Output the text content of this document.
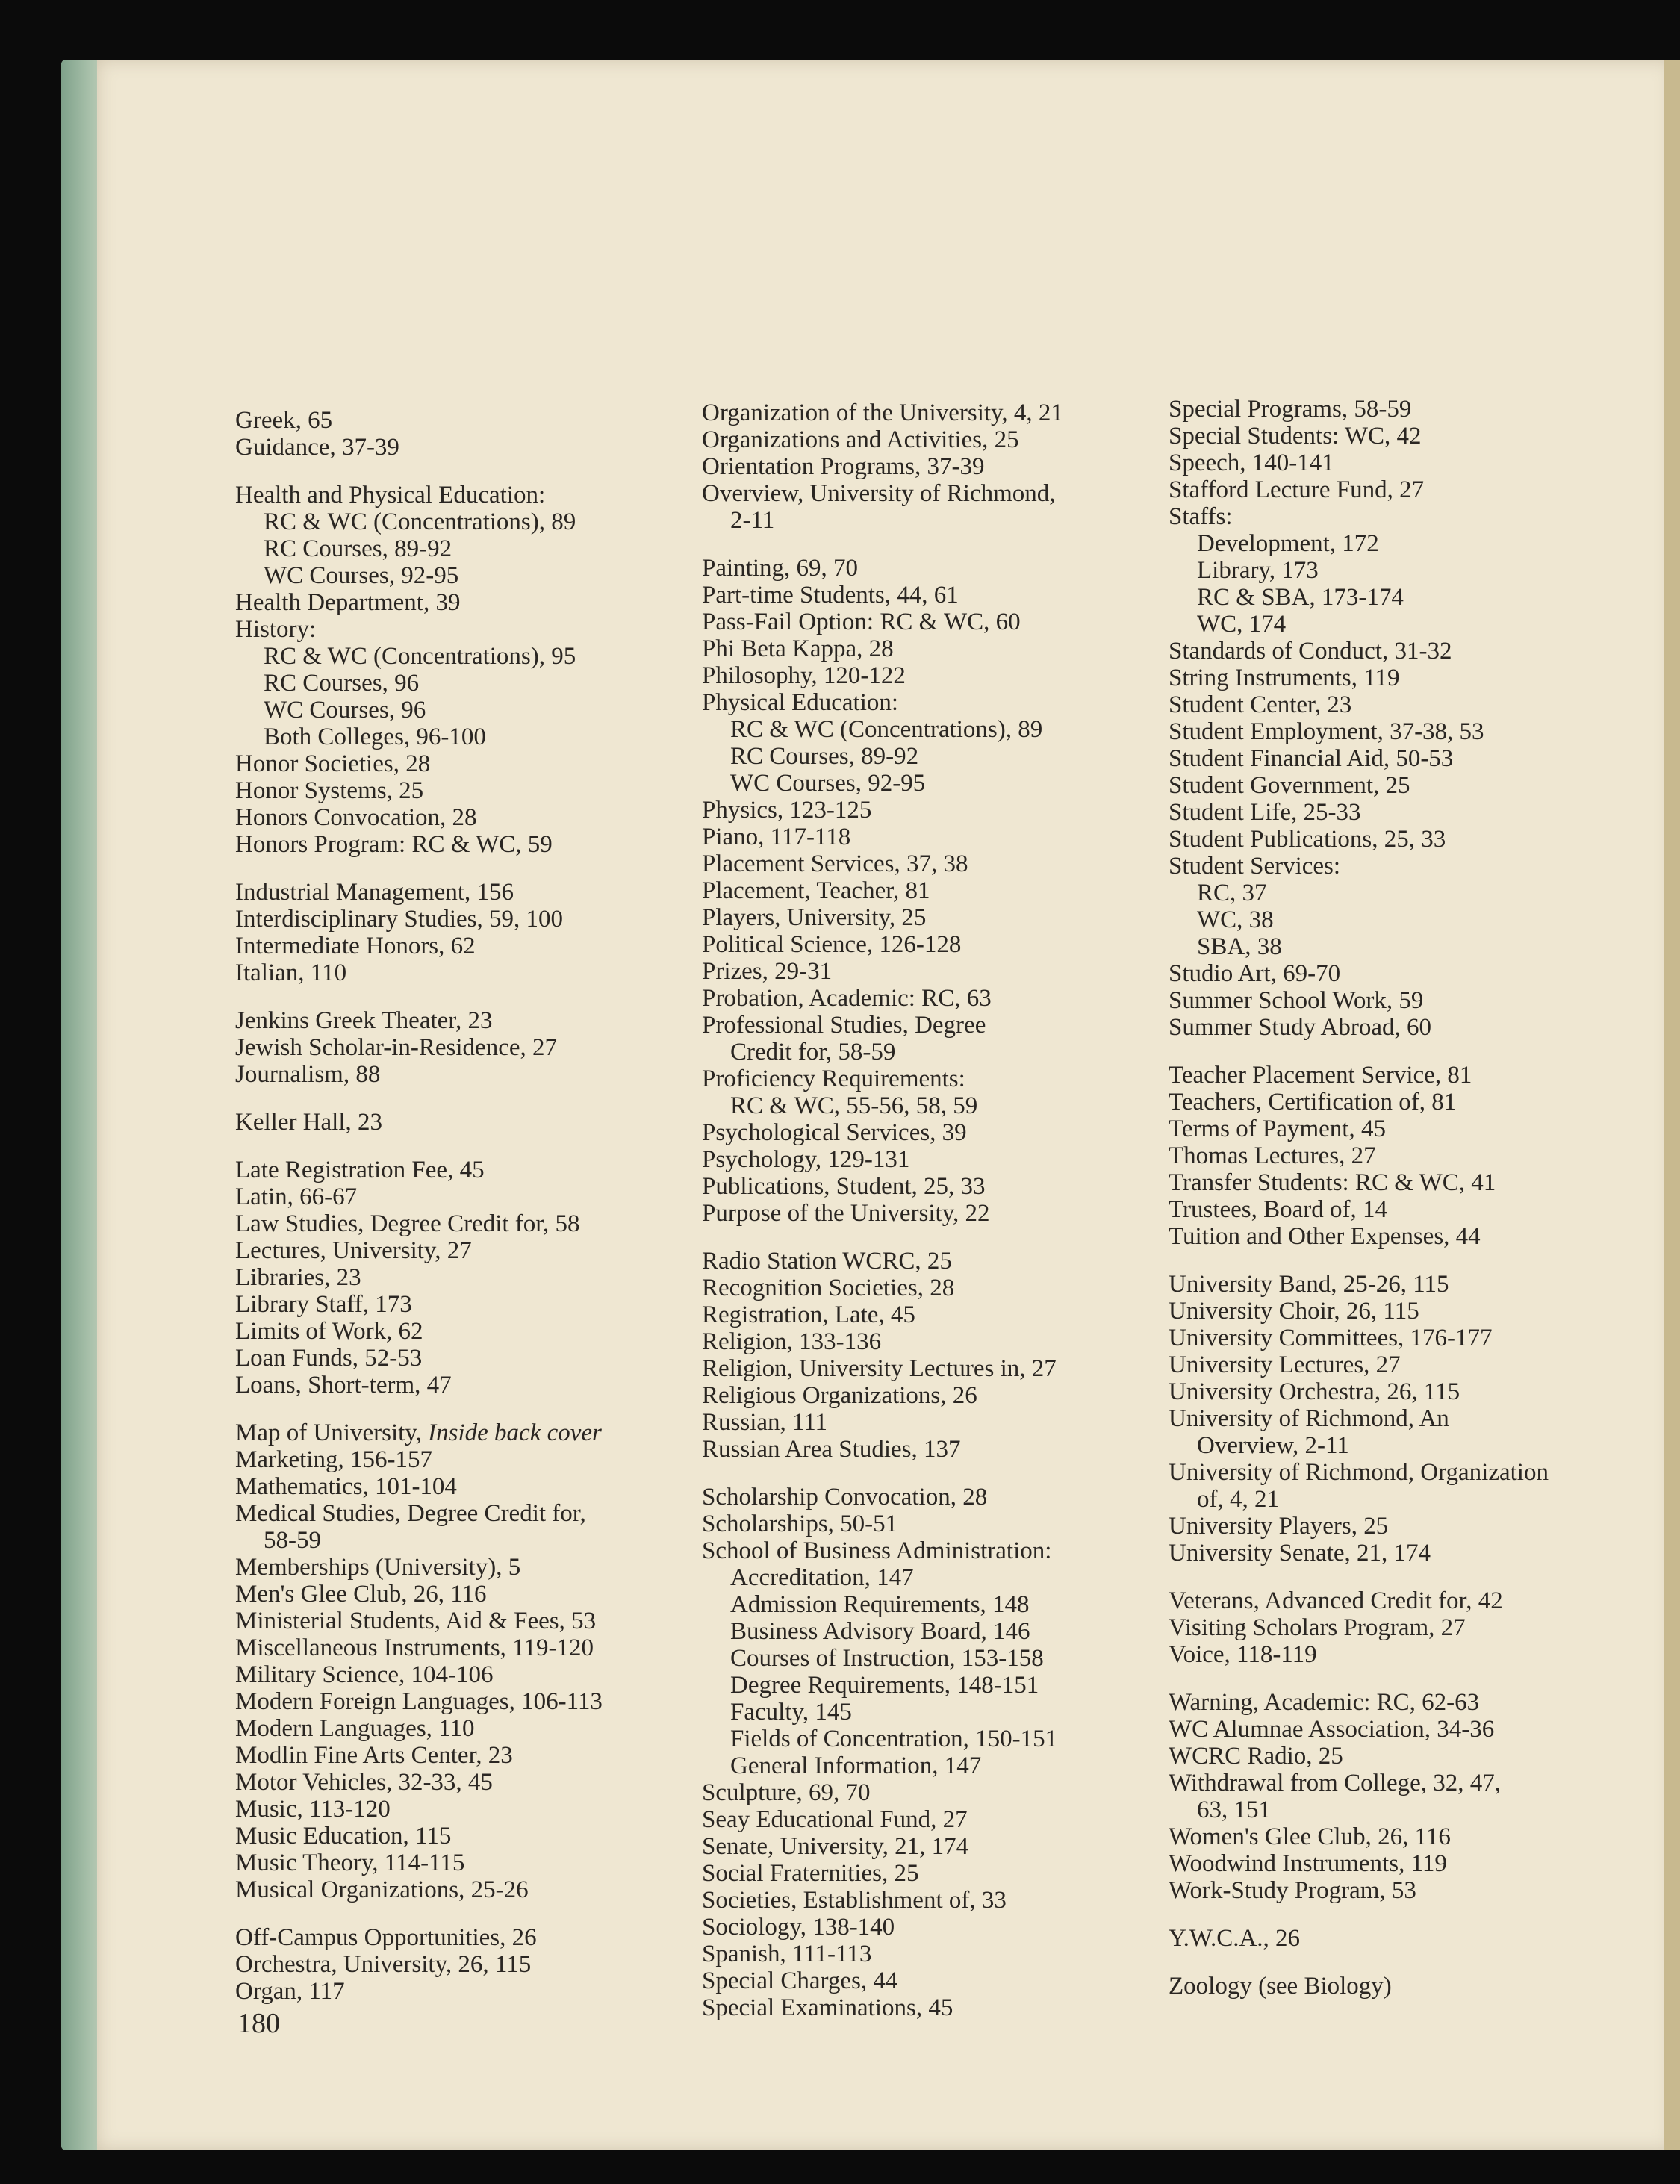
Greek, 65
Guidance, 37-39
Health and Physical Education:
RC & WC (Concentrations), 89
RC Courses, 89-92
WC Courses, 92-95
Health Department, 39
History:
RC & WC (Concentrations), 95
RC Courses, 96
WC Courses, 96
Both Colleges, 96-100
Honor Societies, 28
Honor Systems, 25
Honors Convocation, 28
Honors Program: RC & WC, 59
Industrial Management, 156
Interdisciplinary Studies, 59, 100
Intermediate Honors, 62
Italian, 110
Jenkins Greek Theater, 23
Jewish Scholar-in-Residence, 27
Journalism, 88
Keller Hall, 23
Late Registration Fee, 45
Latin, 66-67
Law Studies, Degree Credit for, 58
Lectures, University, 27
Libraries, 23
Library Staff, 173
Limits of Work, 62
Loan Funds, 52-53
Loans, Short-term, 47
Map of University, Inside back cover
Marketing, 156-157
Mathematics, 101-104
Medical Studies, Degree Credit for,
58-59
Memberships (University), 5
Men's Glee Club, 26, 116
Ministerial Students, Aid & Fees, 53
Miscellaneous Instruments, 119-120
Military Science, 104-106
Modern Foreign Languages, 106-113
Modern Languages, 110
Modlin Fine Arts Center, 23
Motor Vehicles, 32-33, 45
Music, 113-120
Music Education, 115
Music Theory, 114-115
Musical Organizations, 25-26
Off-Campus Opportunities, 26
Orchestra, University, 26, 115
Organ, 117
Organization of the University, 4, 21
Organizations and Activities, 25
Orientation Programs, 37-39
Overview, University of Richmond,
2-11
Painting, 69, 70
Part-time Students, 44, 61
Pass-Fail Option: RC & WC, 60
Phi Beta Kappa, 28
Philosophy, 120-122
Physical Education:
RC & WC (Concentrations), 89
RC Courses, 89-92
WC Courses, 92-95
Physics, 123-125
Piano, 117-118
Placement Services, 37, 38
Placement, Teacher, 81
Players, University, 25
Political Science, 126-128
Prizes, 29-31
Probation, Academic: RC, 63
Professional Studies, Degree
Credit for, 58-59
Proficiency Requirements:
RC & WC, 55-56, 58, 59
Psychological Services, 39
Psychology, 129-131
Publications, Student, 25, 33
Purpose of the University, 22
Radio Station WCRC, 25
Recognition Societies, 28
Registration, Late, 45
Religion, 133-136
Religion, University Lectures in, 27
Religious Organizations, 26
Russian, 111
Russian Area Studies, 137
Scholarship Convocation, 28
Scholarships, 50-51
School of Business Administration:
Accreditation, 147
Admission Requirements, 148
Business Advisory Board, 146
Courses of Instruction, 153-158
Degree Requirements, 148-151
Faculty, 145
Fields of Concentration, 150-151
General Information, 147
Sculpture, 69, 70
Seay Educational Fund, 27
Senate, University, 21, 174
Social Fraternities, 25
Societies, Establishment of, 33
Sociology, 138-140
Spanish, 111-113
Special Charges, 44
Special Examinations, 45
Special Programs, 58-59
Special Students: WC, 42
Speech, 140-141
Stafford Lecture Fund, 27
Staffs:
Development, 172
Library, 173
RC & SBA, 173-174
WC, 174
Standards of Conduct, 31-32
String Instruments, 119
Student Center, 23
Student Employment, 37-38, 53
Student Financial Aid, 50-53
Student Government, 25
Student Life, 25-33
Student Publications, 25, 33
Student Services:
RC, 37
WC, 38
SBA, 38
Studio Art, 69-70
Summer School Work, 59
Summer Study Abroad, 60
Teacher Placement Service, 81
Teachers, Certification of, 81
Terms of Payment, 45
Thomas Lectures, 27
Transfer Students: RC & WC, 41
Trustees, Board of, 14
Tuition and Other Expenses, 44
University Band, 25-26, 115
University Choir, 26, 115
University Committees, 176-177
University Lectures, 27
University Orchestra, 26, 115
University of Richmond, An
Overview, 2-11
University of Richmond, Organization
of, 4, 21
University Players, 25
University Senate, 21, 174
Veterans, Advanced Credit for, 42
Visiting Scholars Program, 27
Voice, 118-119
Warning, Academic: RC, 62-63
WC Alumnae Association, 34-36
WCRC Radio, 25
Withdrawal from College, 32, 47,
63, 151
Women's Glee Club, 26, 116
Woodwind Instruments, 119
Work-Study Program, 53
Y.W.C.A., 26
Zoology (see Biology)
180
